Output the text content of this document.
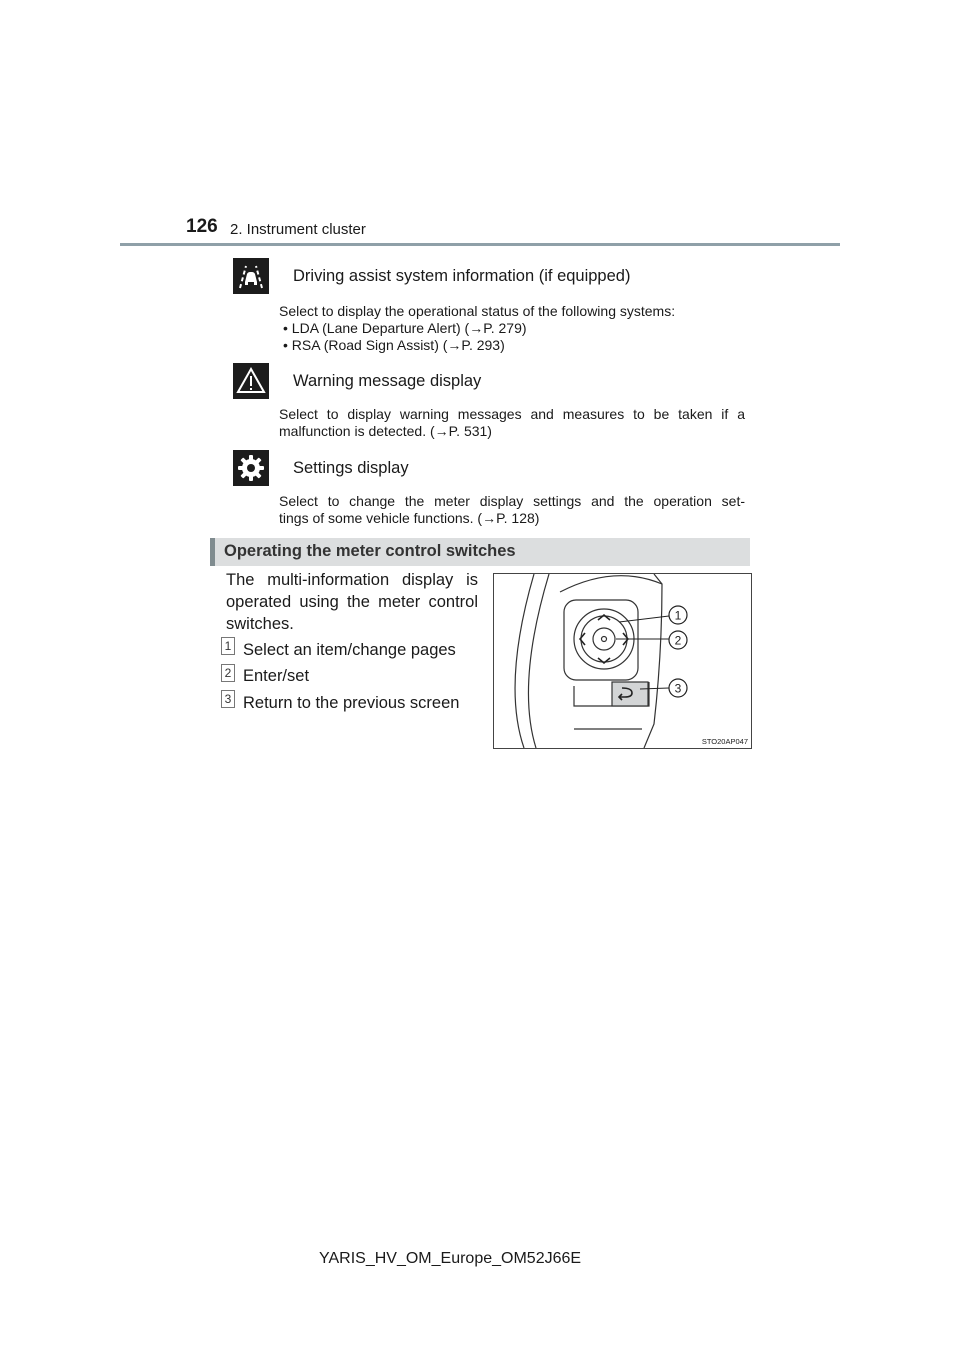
126 2. Instrument cluster
Driving assist system information (if equipped)
Select to display the operational status of the following systems:
• LDA (Lane Departure Alert) (→P. 279)
• RSA (Road Sign Assist) (→P. 293)
Warning message display
Select to display warning messages and measures to be taken if a
malfunction is detected. (→P. 531)
Settings display
Select to change the meter display settings and the operation set-
tings of some vehicle functions. (→P. 128)
Operating the meter control switches
The multi-information display is
operated using the meter control
switches.
1 Select an item/change pages
2 Enter/set
3 Return to the previous screen
1
2
3
STO20AP047
YARIS_HV_OM_Europe_OM52J66E
